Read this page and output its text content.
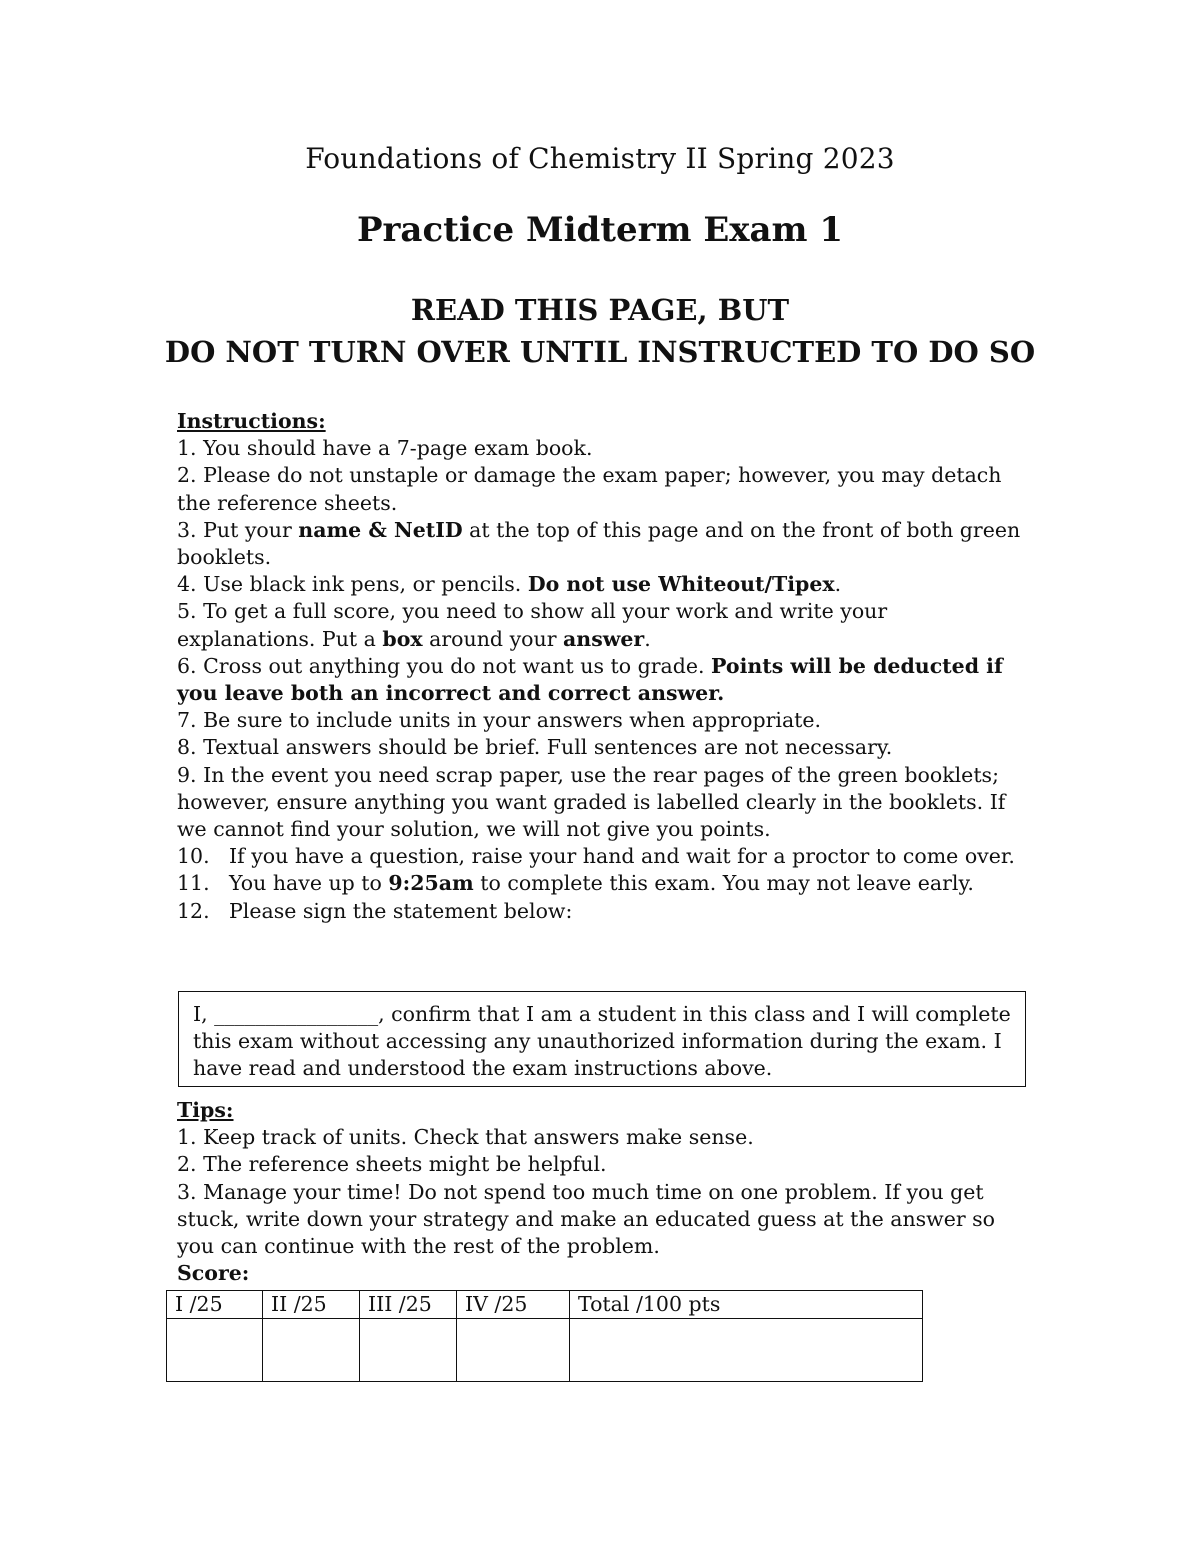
Foundations of Chemistry II Spring 2023
Practice Midterm Exam 1
READ THIS PAGE, BUT
DO NOT TURN OVER UNTIL INSTRUCTED TO DO SO
Instructions:

1. You should have a 7-page exam book.

2. Please do not unstaple or damage the exam paper; however, you may detach the reference sheets.

3. Put your name & NetID at the top of this page and on the front of both green booklets.

4. Use black ink pens, or pencils. Do not use Whiteout/Tipex.

5. To get a full score, you need to show all your work and write your explanations. Put a box around your answer.

6. Cross out anything you do not want us to grade. Points will be deducted if you leave both an incorrect and correct answer.

7. Be sure to include units in your answers when appropriate.

8. Textual answers should be brief. Full sentences are not necessary.

9. In the event you need scrap paper, use the rear pages of the green booklets; however, ensure anything you want graded is labelled clearly in the booklets. If we cannot find your solution, we will not give you points.

10. If you have a question, raise your hand and wait for a proctor to come over.

11. You have up to 9:25am to complete this exam. You may not leave early.

12. Please sign the statement below:

I, ________________, confirm that I am a student in this class and I will complete this exam without accessing any unauthorized information during the exam. I have read and understood the exam instructions above.
Tips:

1. Keep track of units. Check that answers make sense.

2. The reference sheets might be helpful.

3. Manage your time! Do not spend too much time on one problem. If you get stuck, write down your strategy and make an educated guess at the answer so you can continue with the rest of the problem.

Score:
I /25	II /25	III /25	IV /25	Total /100 pts
